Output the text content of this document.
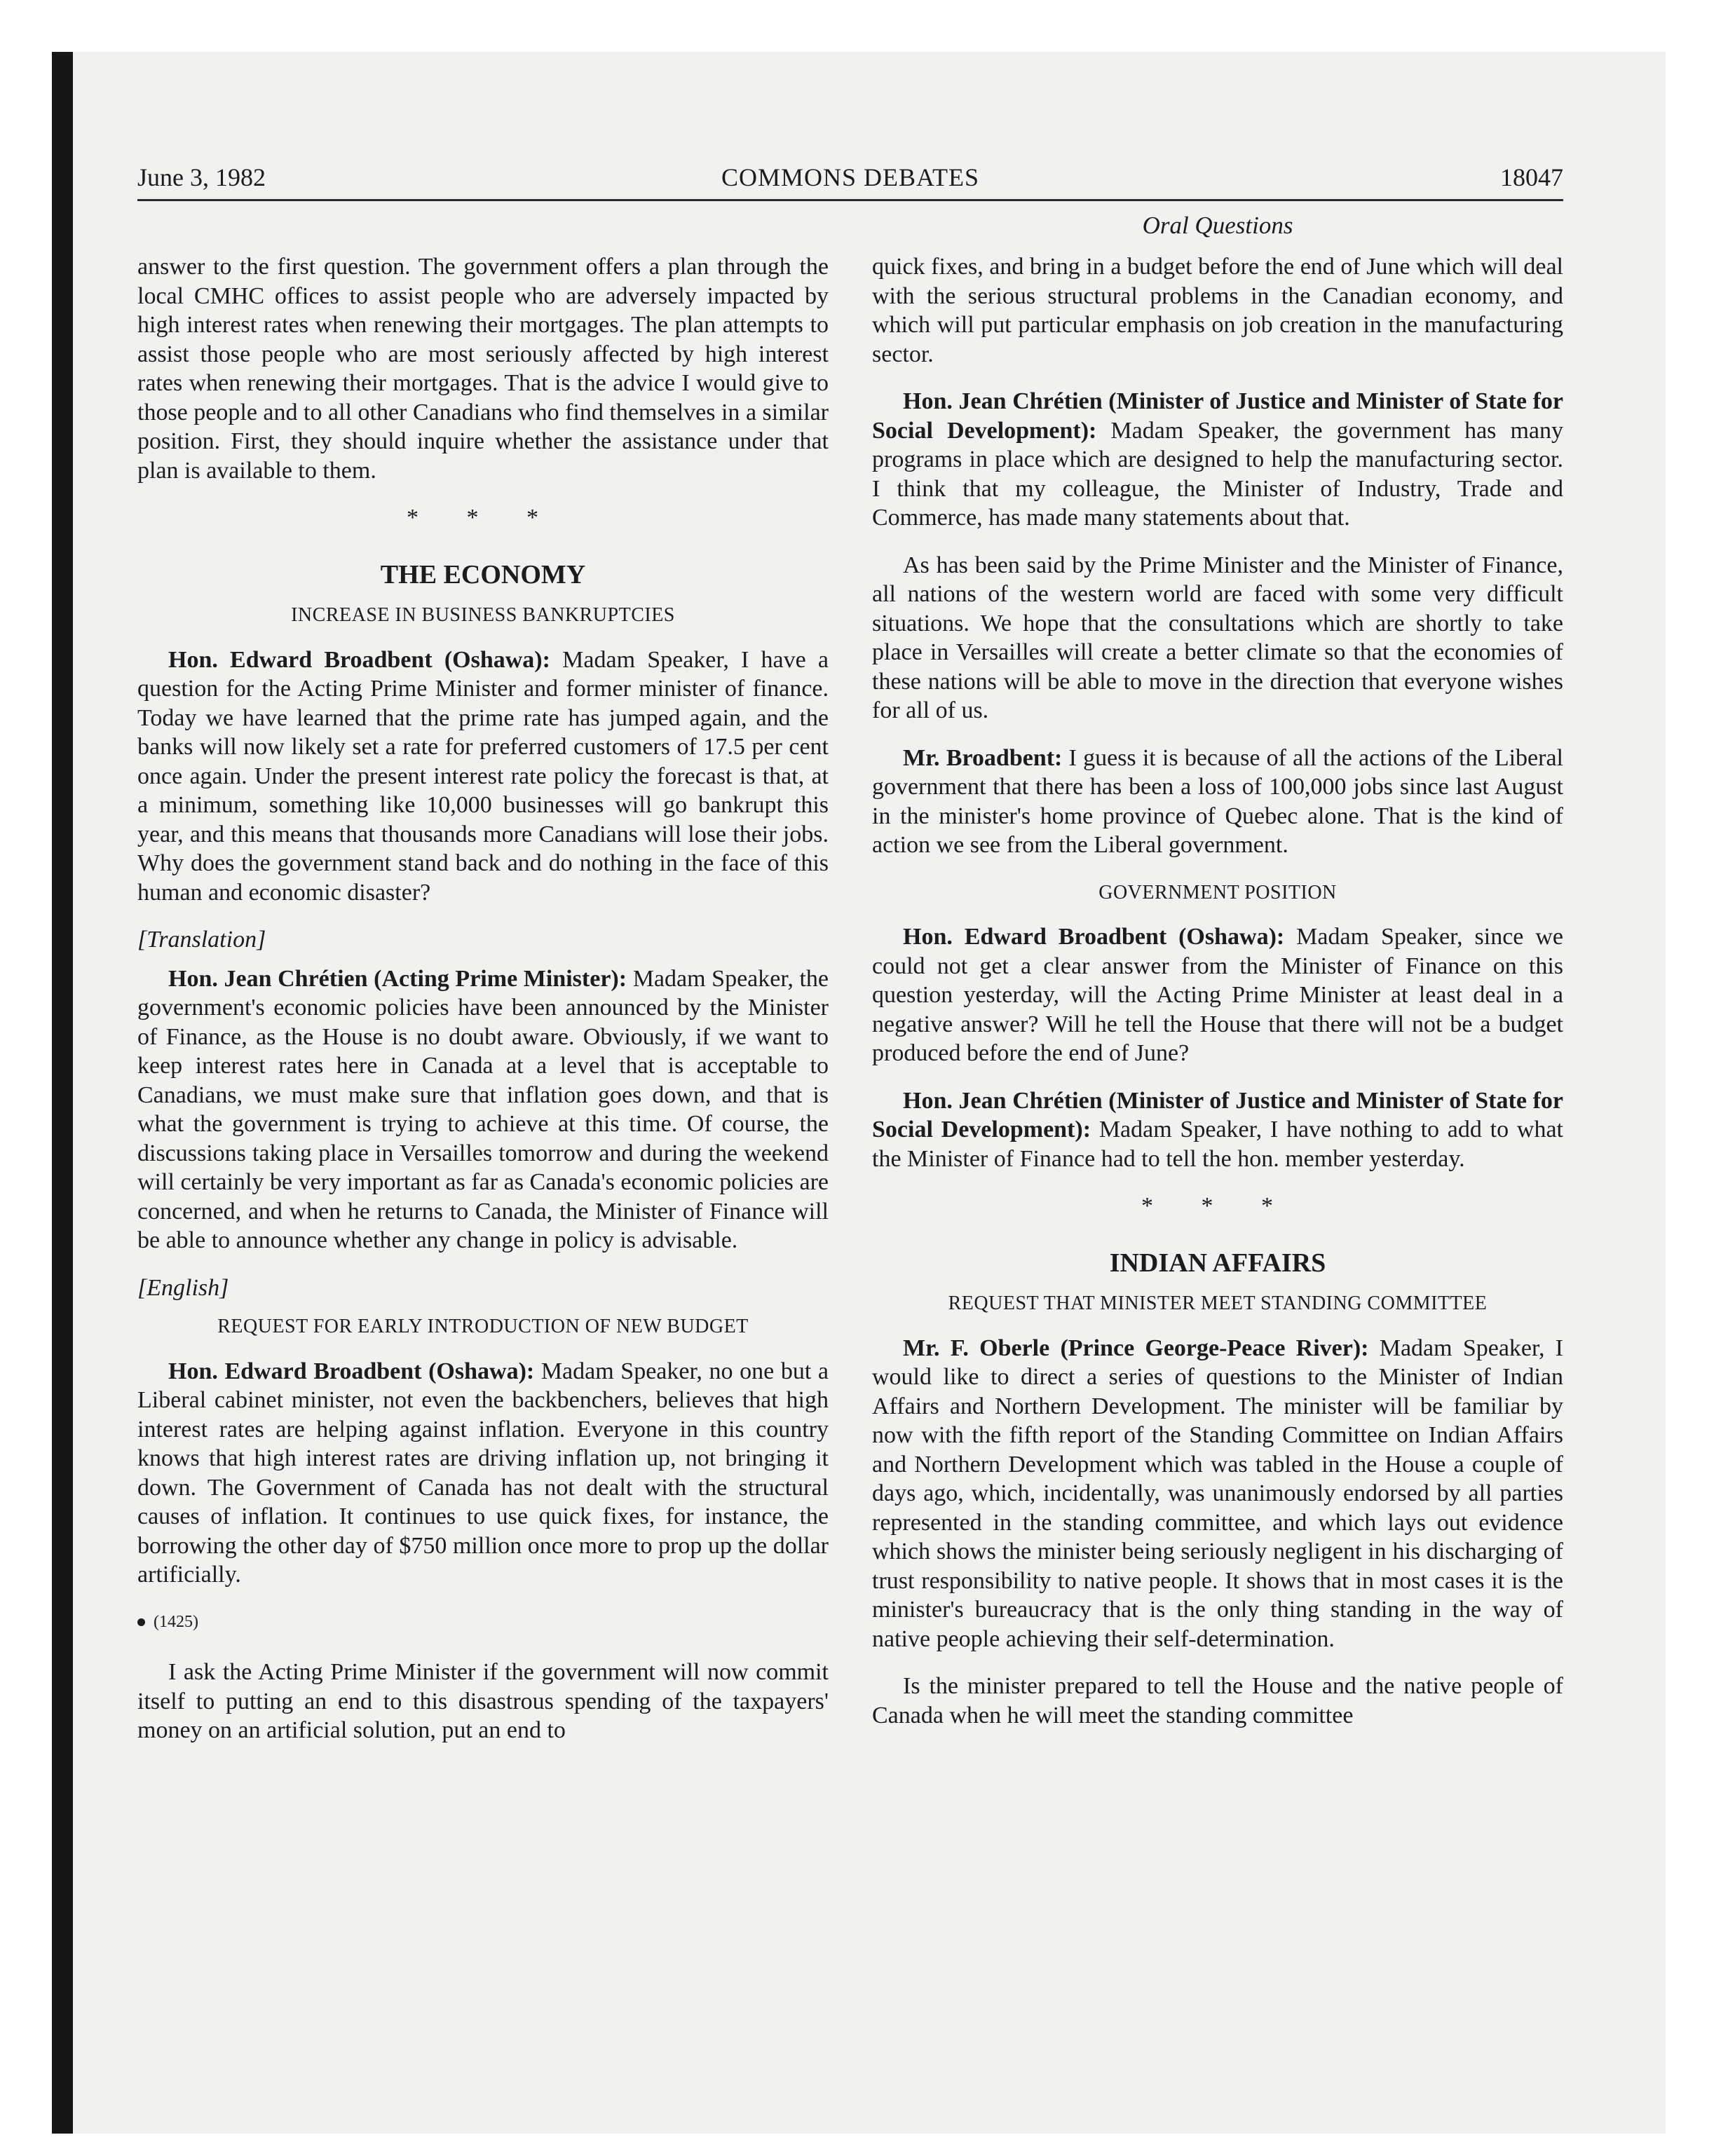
June 3, 1982	COMMONS DEBATES	18047
Oral Questions

answer to the first question. The government offers a plan through the local CMHC offices to assist people who are adversely impacted by high interest rates when renewing their mortgages. The plan attempts to assist those people who are most seriously affected by high interest rates when renewing their mortgages. That is the advice I would give to those people and to all other Canadians who find themselves in a similar position. First, they should inquire whether the assistance under that plan is available to them.

* * *
THE ECONOMY
INCREASE IN BUSINESS BANKRUPTCIES

Hon. Edward Broadbent (Oshawa): Madam Speaker, I have a question for the Acting Prime Minister and former minister of finance. Today we have learned that the prime rate has jumped again, and the banks will now likely set a rate for preferred customers of 17.5 per cent once again. Under the present interest rate policy the forecast is that, at a minimum, something like 10,000 businesses will go bankrupt this year, and this means that thousands more Canadians will lose their jobs. Why does the government stand back and do nothing in the face of this human and economic disaster?

[Translation]

Hon. Jean Chrétien (Acting Prime Minister): Madam Speaker, the government's economic policies have been announced by the Minister of Finance, as the House is no doubt aware. Obviously, if we want to keep interest rates here in Canada at a level that is acceptable to Canadians, we must make sure that inflation goes down, and that is what the government is trying to achieve at this time. Of course, the discussions taking place in Versailles tomorrow and during the weekend will certainly be very important as far as Canada's economic policies are concerned, and when he returns to Canada, the Minister of Finance will be able to announce whether any change in policy is advisable.

[English]
REQUEST FOR EARLY INTRODUCTION OF NEW BUDGET

Hon. Edward Broadbent (Oshawa): Madam Speaker, no one but a Liberal cabinet minister, not even the backbenchers, believes that high interest rates are helping against inflation. Everyone in this country knows that high interest rates are driving inflation up, not bringing it down. The Government of Canada has not dealt with the structural causes of inflation. It continues to use quick fixes, for instance, the borrowing the other day of $750 million once more to prop up the dollar artificially.

(1425)

I ask the Acting Prime Minister if the government will now commit itself to putting an end to this disastrous spending of the taxpayers' money on an artificial solution, put an end to

quick fixes, and bring in a budget before the end of June which will deal with the serious structural problems in the Canadian economy, and which will put particular emphasis on job creation in the manufacturing sector.

Hon. Jean Chrétien (Minister of Justice and Minister of State for Social Development): Madam Speaker, the government has many programs in place which are designed to help the manufacturing sector. I think that my colleague, the Minister of Industry, Trade and Commerce, has made many statements about that.

As has been said by the Prime Minister and the Minister of Finance, all nations of the western world are faced with some very difficult situations. We hope that the consultations which are shortly to take place in Versailles will create a better climate so that the economies of these nations will be able to move in the direction that everyone wishes for all of us.

Mr. Broadbent: I guess it is because of all the actions of the Liberal government that there has been a loss of 100,000 jobs since last August in the minister's home province of Quebec alone. That is the kind of action we see from the Liberal government.

GOVERNMENT POSITION

Hon. Edward Broadbent (Oshawa): Madam Speaker, since we could not get a clear answer from the Minister of Finance on this question yesterday, will the Acting Prime Minister at least deal in a negative answer? Will he tell the House that there will not be a budget produced before the end of June?

Hon. Jean Chrétien (Minister of Justice and Minister of State for Social Development): Madam Speaker, I have nothing to add to what the Minister of Finance had to tell the hon. member yesterday.

* * *
INDIAN AFFAIRS
REQUEST THAT MINISTER MEET STANDING COMMITTEE

Mr. F. Oberle (Prince George-Peace River): Madam Speaker, I would like to direct a series of questions to the Minister of Indian Affairs and Northern Development. The minister will be familiar by now with the fifth report of the Standing Committee on Indian Affairs and Northern Development which was tabled in the House a couple of days ago, which, incidentally, was unanimously endorsed by all parties represented in the standing committee, and which lays out evidence which shows the minister being seriously negligent in his discharging of trust responsibility to native people. It shows that in most cases it is the minister's bureaucracy that is the only thing standing in the way of native people achieving their self-determination.

Is the minister prepared to tell the House and the native people of Canada when he will meet the standing committee
